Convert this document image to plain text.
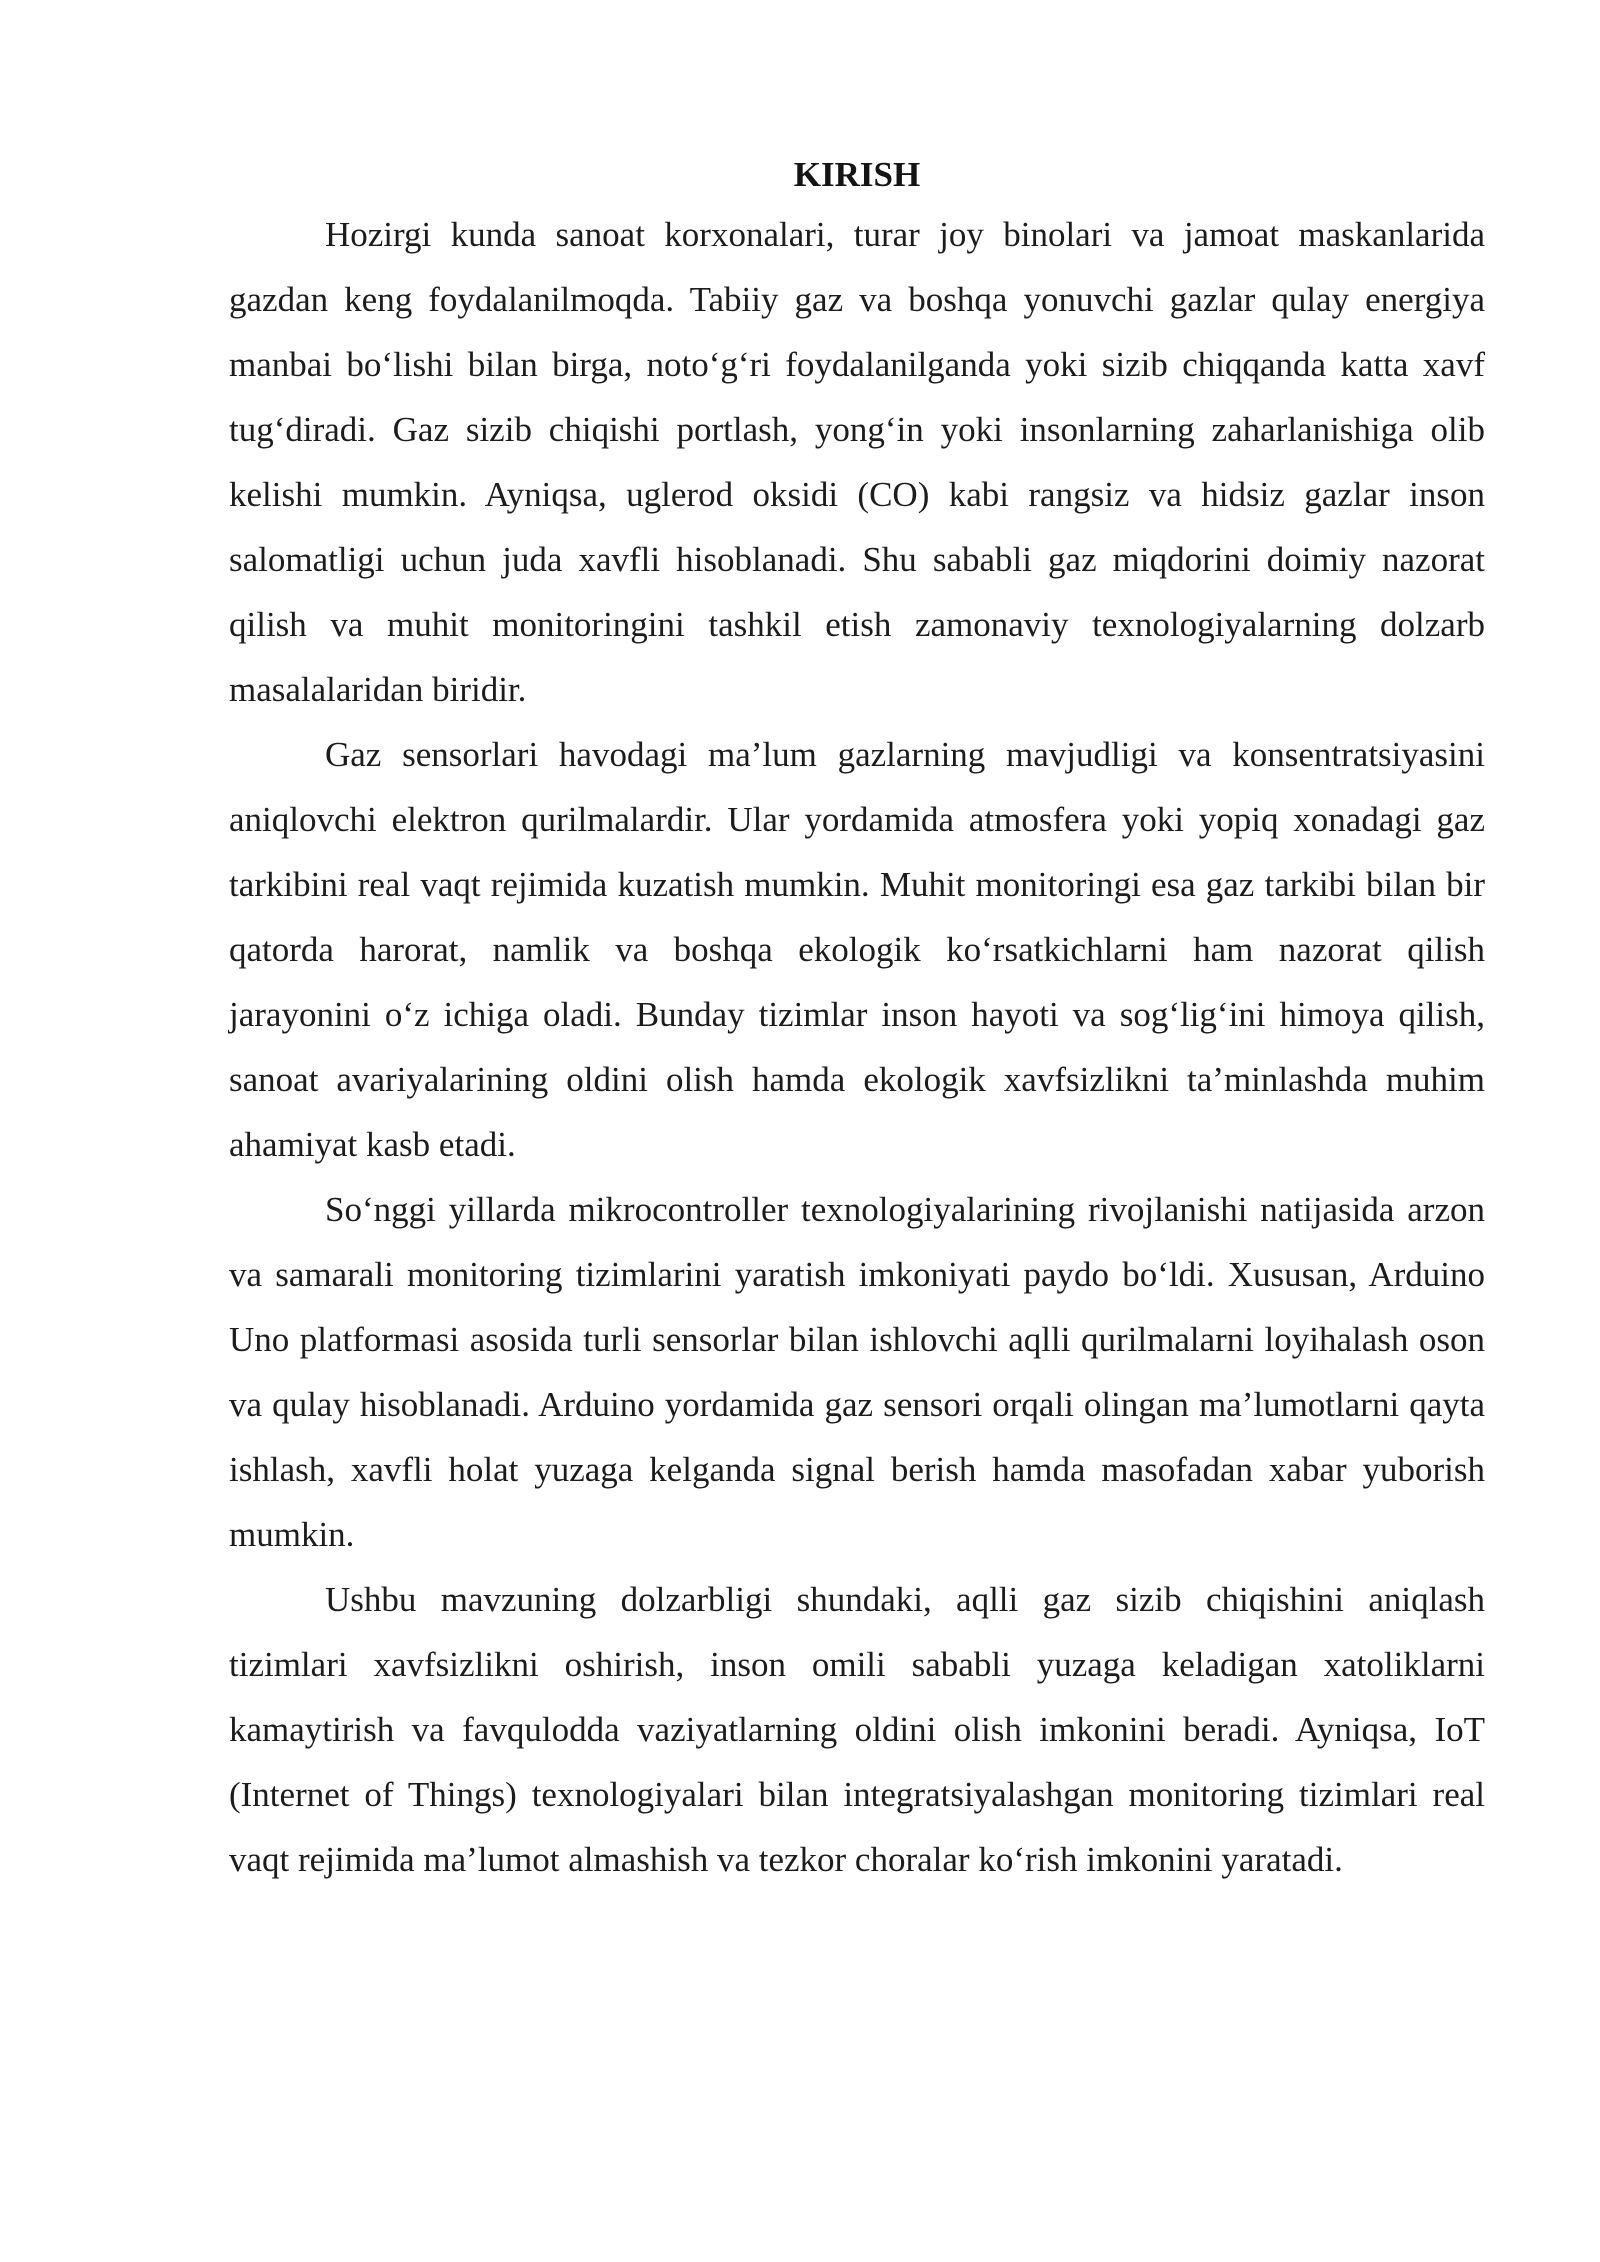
KIRISH

Hozirgi kunda sanoat korxonalari, turar joy binolari va jamoat maskanlarida gazdan keng foydalanilmoqda. Tabiiy gaz va boshqa yonuvchi gazlar qulay energiya manbai bo‘lishi bilan birga, noto‘g‘ri foydalanilganda yoki sizib chiqqanda katta xavf tug‘diradi. Gaz sizib chiqishi portlash, yong‘in yoki insonlarning zaharlanishiga olib kelishi mumkin. Ayniqsa, uglerod oksidi (CO) kabi rangsiz va hidsiz gazlar inson salomatligi uchun juda xavfli hisoblanadi. Shu sababli gaz miqdorini doimiy nazorat qilish va muhit monitoringini tashkil etish zamonaviy texnologiyalarning dolzarb masalalaridan biridir.

Gaz sensorlari havodagi ma’lum gazlarning mavjudligi va konsentratsiyasini aniqlovchi elektron qurilmalardir. Ular yordamida atmosfera yoki yopiq xonadagi gaz tarkibini real vaqt rejimida kuzatish mumkin. Muhit monitoringi esa gaz tarkibi bilan bir qatorda harorat, namlik va boshqa ekologik ko‘rsatkichlarni ham nazorat qilish jarayonini o‘z ichiga oladi. Bunday tizimlar inson hayoti va sog‘lig‘ini himoya qilish, sanoat avariyalarining oldini olish hamda ekologik xavfsizlikni ta’minlashda muhim ahamiyat kasb etadi.

So‘nggi yillarda mikrocontroller texnologiyalarining rivojlanishi natijasida arzon va samarali monitoring tizimlarini yaratish imkoniyati paydo bo‘ldi. Xususan, Arduino Uno platformasi asosida turli sensorlar bilan ishlovchi aqlli qurilmalarni loyihalash oson va qulay hisoblanadi. Arduino yordamida gaz sensori orqali olingan ma’lumotlarni qayta ishlash, xavfli holat yuzaga kelganda signal berish hamda masofadan xabar yuborish mumkin.

Ushbu mavzuning dolzarbligi shundaki, aqlli gaz sizib chiqishini aniqlash tizimlari xavfsizlikni oshirish, inson omili sababli yuzaga keladigan xatoliklarni kamaytirish va favqulodda vaziyatlarning oldini olish imkonini beradi. Ayniqsa, IoT (Internet of Things) texnologiyalari bilan integratsiyalashgan monitoring tizimlari real vaqt rejimida ma’lumot almashish va tezkor choralar ko‘rish imkonini yaratadi.
